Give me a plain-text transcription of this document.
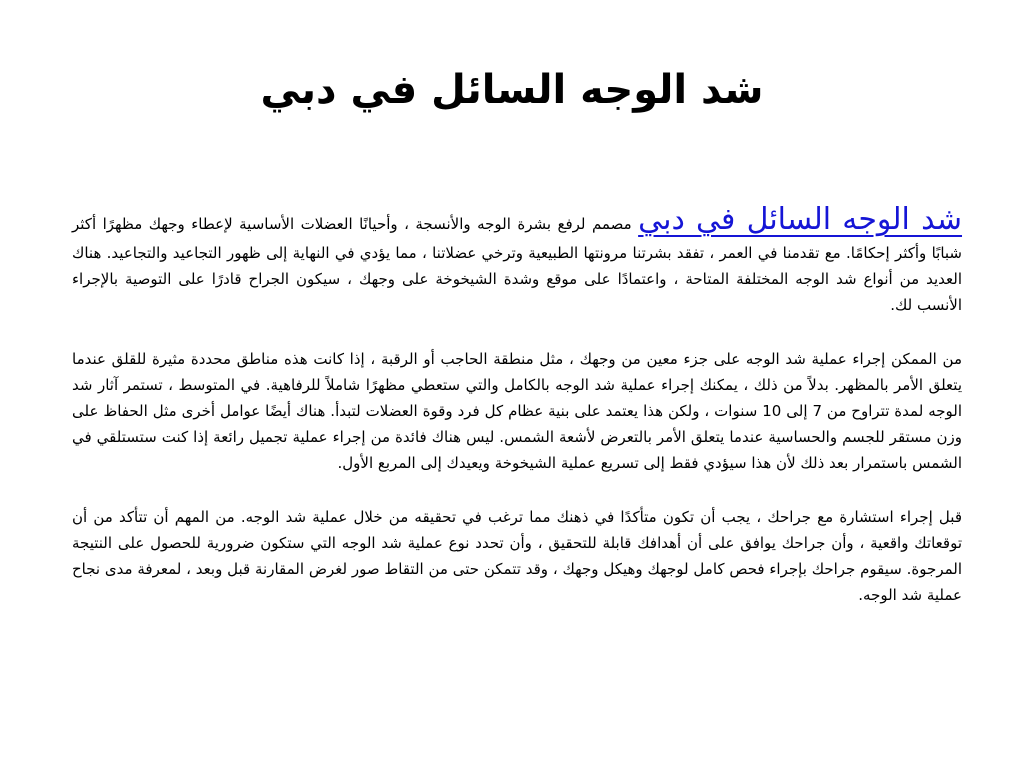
شد الوجه السائل في دبي

شد الوجه السائل في دبي مصمم لرفع بشرة الوجه والأنسجة ، وأحيانًا العضلات الأساسية لإعطاء وجهك مظهرًا أكثر شبابًا وأكثر إحكامًا. مع تقدمنا في العمر ، تفقد بشرتنا مرونتها الطبيعية وترخي عضلاتنا ، مما يؤدي في النهاية إلى ظهور التجاعيد والتجاعيد. هناك العديد من أنواع شد الوجه المختلفة المتاحة ، واعتمادًا على موقع وشدة الشيخوخة على وجهك ، سيكون الجراح قادرًا على التوصية بالإجراء الأنسب لك.

من الممكن إجراء عملية شد الوجه على جزء معين من وجهك ، مثل منطقة الحاجب أو الرقبة ، إذا كانت هذه مناطق محددة مثيرة للقلق عندما يتعلق الأمر بالمظهر. بدلاً من ذلك ، يمكنك إجراء عملية شد الوجه بالكامل والتي ستعطي مظهرًا شاملاً للرفاهية. في المتوسط ، تستمر آثار شد الوجه لمدة تتراوح من 7 إلى 10 سنوات ، ولكن هذا يعتمد على بنية عظام كل فرد وقوة العضلات لتبدأ. هناك أيضًا عوامل أخرى مثل الحفاظ على وزن مستقر للجسم والحساسية عندما يتعلق الأمر بالتعرض لأشعة الشمس. ليس هناك فائدة من إجراء عملية تجميل رائعة إذا كنت ستستلقي في الشمس باستمرار بعد ذلك لأن هذا سيؤدي فقط إلى تسريع عملية الشيخوخة ويعيدك إلى المربع الأول.

قبل إجراء استشارة مع جراحك ، يجب أن تكون متأكدًا في ذهنك مما ترغب في تحقيقه من خلال عملية شد الوجه. من المهم أن تتأكد من أن توقعاتك واقعية ، وأن جراحك يوافق على أن أهدافك قابلة للتحقيق ، وأن تحدد نوع عملية شد الوجه التي ستكون ضرورية للحصول على النتيجة المرجوة. سيقوم جراحك بإجراء فحص كامل لوجهك وهيكل وجهك ، وقد تتمكن حتى من التقاط صور لغرض المقارنة قبل وبعد ، لمعرفة مدى نجاح عملية شد الوجه.
